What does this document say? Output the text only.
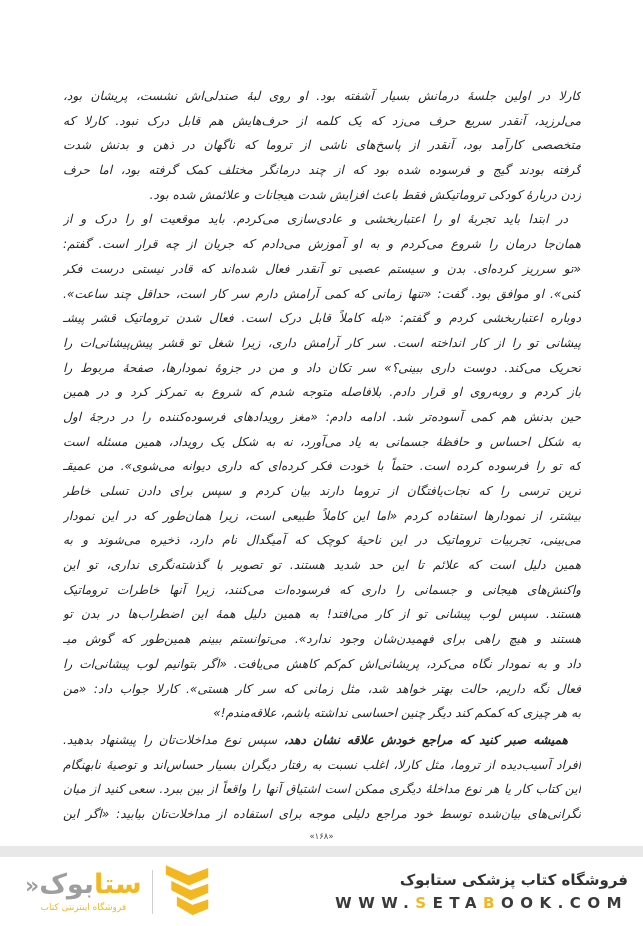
کارلا در اولین جلسۀ درمانش بسیار آشفته بود. او روی لبۀ صندلی‌اش نشست، پریشان بود،
می‌لرزید، آنقدر سریع حرف می‌زد که یک کلمه از حرف‌هایش هم قابل درک نبود. کارلا که
متخصصی کارآمد بود، آنقدر از پاسخ‌های ناشی از تروما که ناگهان در ذهن و بدنش شدت
گرفته بودند گیج و فرسوده شده بود که از چند درمانگر مختلف کمک گرفته بود، اما حرف
زدن دربارۀ کودکی تروماتیکش فقط باعث افزایش شدت هیجانات و علائمش شده بود.
در ابتدا باید تجربۀ او را اعتباربخشی و عادی‌سازی می‌کردم. باید موقعیت او را درک و از
همان‌جا درمان را شروع می‌کردم و به او آموزش می‌دادم که جریان از چه قرار است. گفتم:
«تو سرریز کرده‌ای. بدن و سیستم عصبی تو آنقدر فعال شده‌اند که قادر نیستی درست فکر
کنی». او موافق بود. گفت: «تنها زمانی که کمی آرامش دارم سر کار است، حداقل چند ساعت».
دوباره اعتباربخشی کردم و گفتم: «بله کاملاً قابل درک است. فعال شدن تروماتیک قشر پیشـ
پیشانی تو را از کار انداخته است. سر کار آرامش داری، زیرا شغل تو قشر پیش‌پیشانی‌ات را
تحریک می‌کند. دوست داری ببینی؟» سر تکان داد و من در جزوۀ نمودارها، صفحۀ مربوط را
باز کردم و روبه‌روی او قرار دادم. بلافاصله متوجه شدم که شروع به تمرکز کرد و در همین
حین بدنش هم کمی آسوده‌تر شد. ادامه دادم: «مغز رویدادهای فرسوده‌کننده را در درجۀ اول
به شکل احساس و حافظۀ جسمانی به یاد می‌آورد، نه به شکل یک رویداد، همین مسئله است
که تو را فرسوده کرده است. حتماً با خودت فکر کرده‌ای که داری دیوانه می‌شوی». من عمیقـ
ترین ترسی را که نجات‌یافتگان از تروما دارند بیان کردم و سپس برای دادن تسلی خاطر
بیشتر، از نمودارها استفاده کردم «اما این کاملاً طبیعی است، زیرا همان‌طور که در این نمودار
می‌بینی، تجربیات تروماتیک در این ناحیۀ کوچک که آمیگدال نام دارد، ذخیره می‌شوند و به
همین دلیل است که علائم تا این حد شدید هستند. تو تصویر با گذشته‌نگری نداری، تو این
واکنش‌های هیجانی و جسمانی را داری که فرسوده‌ات می‌کنند، زیرا آنها خاطرات تروماتیک
هستند. سپس لوب پیشانی تو از کار می‌افتد! به همین دلیل همۀ این اضطراب‌ها در بدن تو
هستند و هیچ راهی برای فهمیدن‌شان وجود ندارد». می‌توانستم ببینم همین‌طور که گوش میـ
داد و به نمودار نگاه می‌کرد، پریشانی‌اش کم‌کم کاهش می‌یافت. «اگر بتوانیم لوب پیشانی‌ات را
فعال نگه داریم، حالت بهتر خواهد شد، مثل زمانی که سر کار هستی». کارلا جواب داد: «من
به هر چیزی که کمکم کند دیگر چنین احساسی نداشته باشم، علاقه‌مندم!»
همیشه صبر کنید که مراجع خودش علاقه نشان دهد، سپس نوع مداخلات‌تان را پیشنهاد بدهید.
افراد آسیب‌دیده از تروما، مثل کارلا، اغلب نسبت به رفتار دیگران بسیار حساس‌اند و توصیۀ نابهنگام
این کتاب کار یا هر نوع مداخلۀ دیگری ممکن است اشتیاق آنها را واقعاً از بین ببرد. سعی کنید از میان
نگرانی‌های بیان‌شده توسط خود مراجع دلیلی موجه برای استفاده از مداخلات‌تان بیابید: «اگر این
«۱۶۸»
ستابوک«
فروشگاه اینترنتی کتاب
فروشگاه کتاب پزشکی ستابوک
WWW.SETABOOK.COM
